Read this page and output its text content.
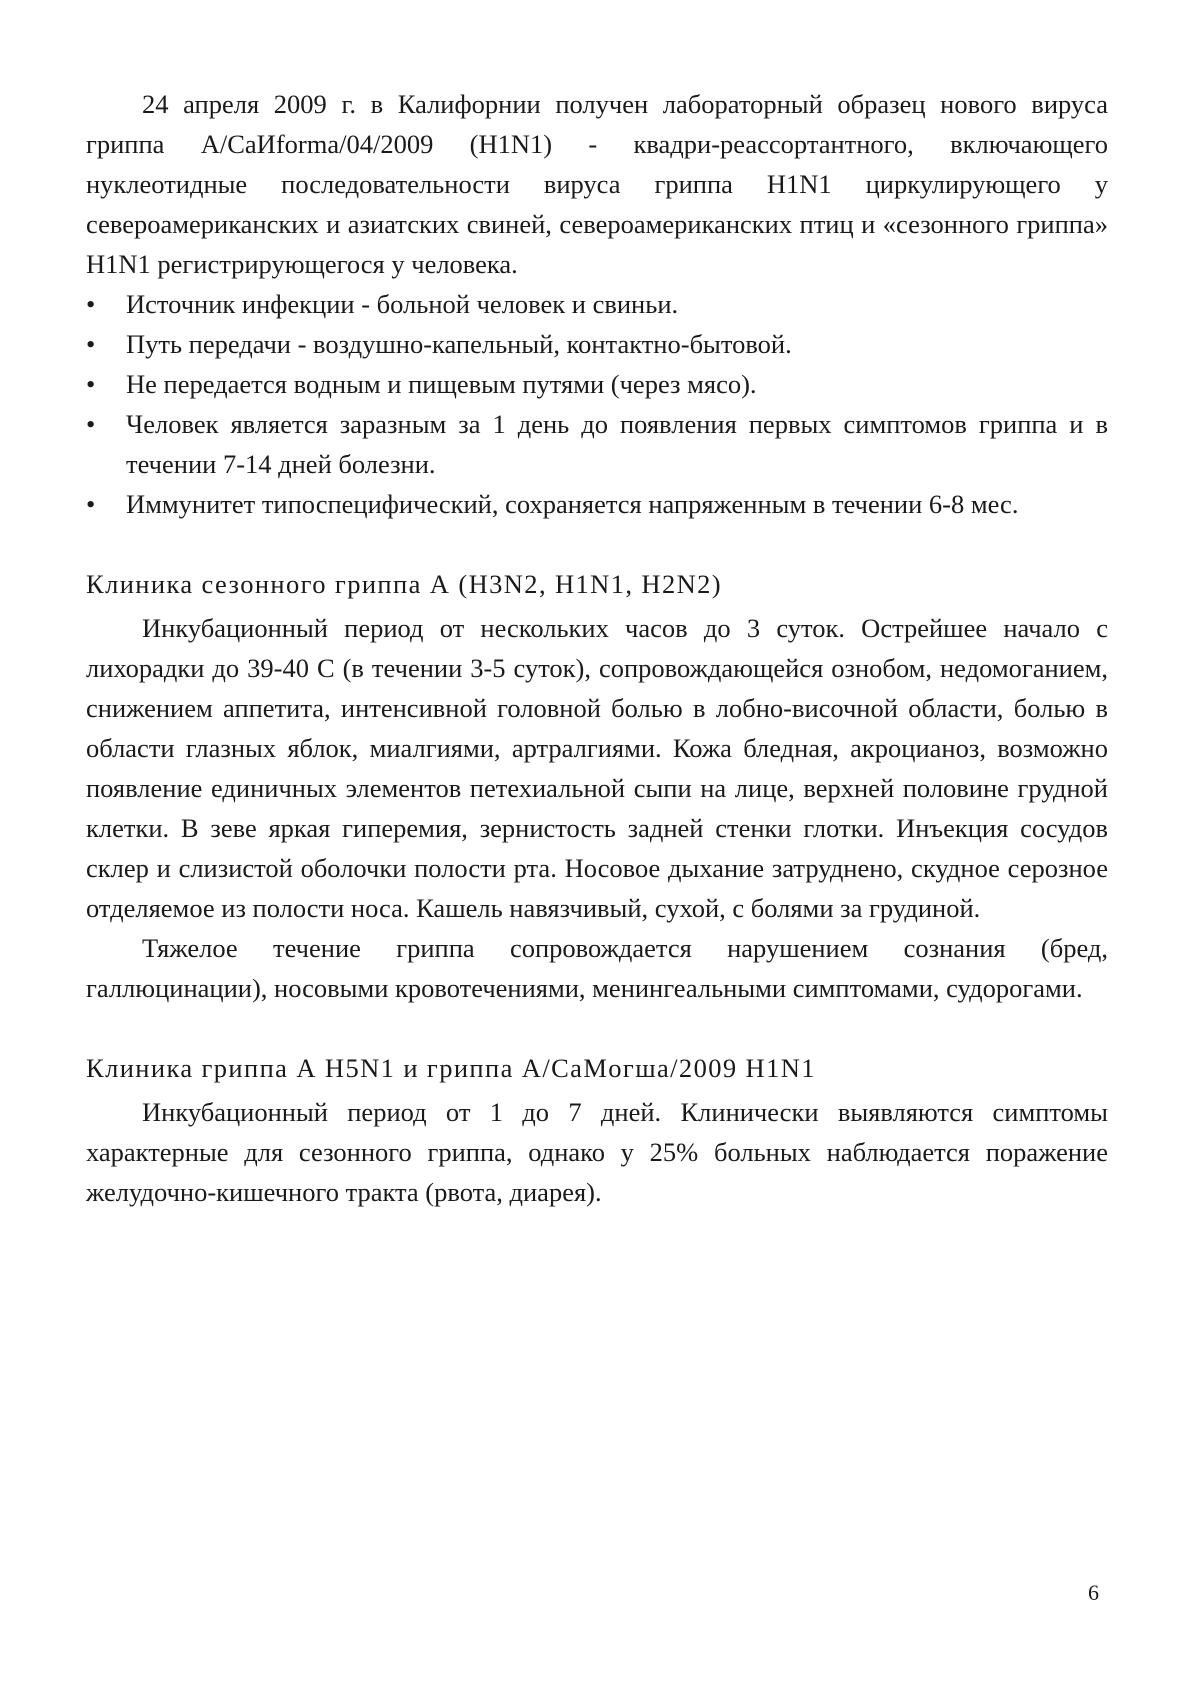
24 апреля 2009 г. в Калифорнии получен лабораторный образец нового вируса гриппа A/CaИforma/04/2009 (H1N1) - квадри-реассортантного, включающего нуклеотидные последовательности вируса гриппа H1N1 циркулирующего у североамериканских и азиатских свиней, североамериканских птиц и «сезонного гриппа» H1N1 регистрирующегося у человека.

•	Источник инфекции - больной человек и свиньи.
•	Путь передачи - воздушно-капельный, контактно-бытовой.
•	Не передается водным и пищевым путями (через мясо).
•	Человек является заразным за 1 день до появления первых симптомов гриппа и в течении 7-14 дней болезни.
•	Иммунитет типоспецифический, сохраняется напряженным в течении 6-8 мес.
Клиника сезонного гриппа А (H3N2, H1N1, H2N2)

Инкубационный период от нескольких часов до 3 суток. Острейшее начало с лихорадки до 39-40 С (в течении 3-5 суток), сопровождающейся ознобом, недомоганием, снижением аппетита, интенсивной головной болью в лобно-височной области, болью в области глазных яблок, миалгиями, артралгиями. Кожа бледная, акроцианоз, возможно появление единичных элементов петехиальной сыпи на лице, верхней половине грудной клетки. В зеве яркая гиперемия, зернистость задней стенки глотки. Инъекция сосудов склер и слизистой оболочки полости рта. Носовое дыхание затруднено, скудное серозное отделяемое из полости носа. Кашель навязчивый, сухой, с болями за грудиной.

Тяжелое течение гриппа сопровождается нарушением сознания (бред, галлюцинации), носовыми кровотечениями, менингеальными симптомами, судорогами.

Клиника гриппа А H5N1 и гриппа A/CaMогша/2009 H1N1

Инкубационный период от 1 до 7 дней. Клинически выявляются симптомы характерные для сезонного гриппа, однако у 25% больных наблюдается поражение желудочно-кишечного тракта (рвота, диарея).

6
